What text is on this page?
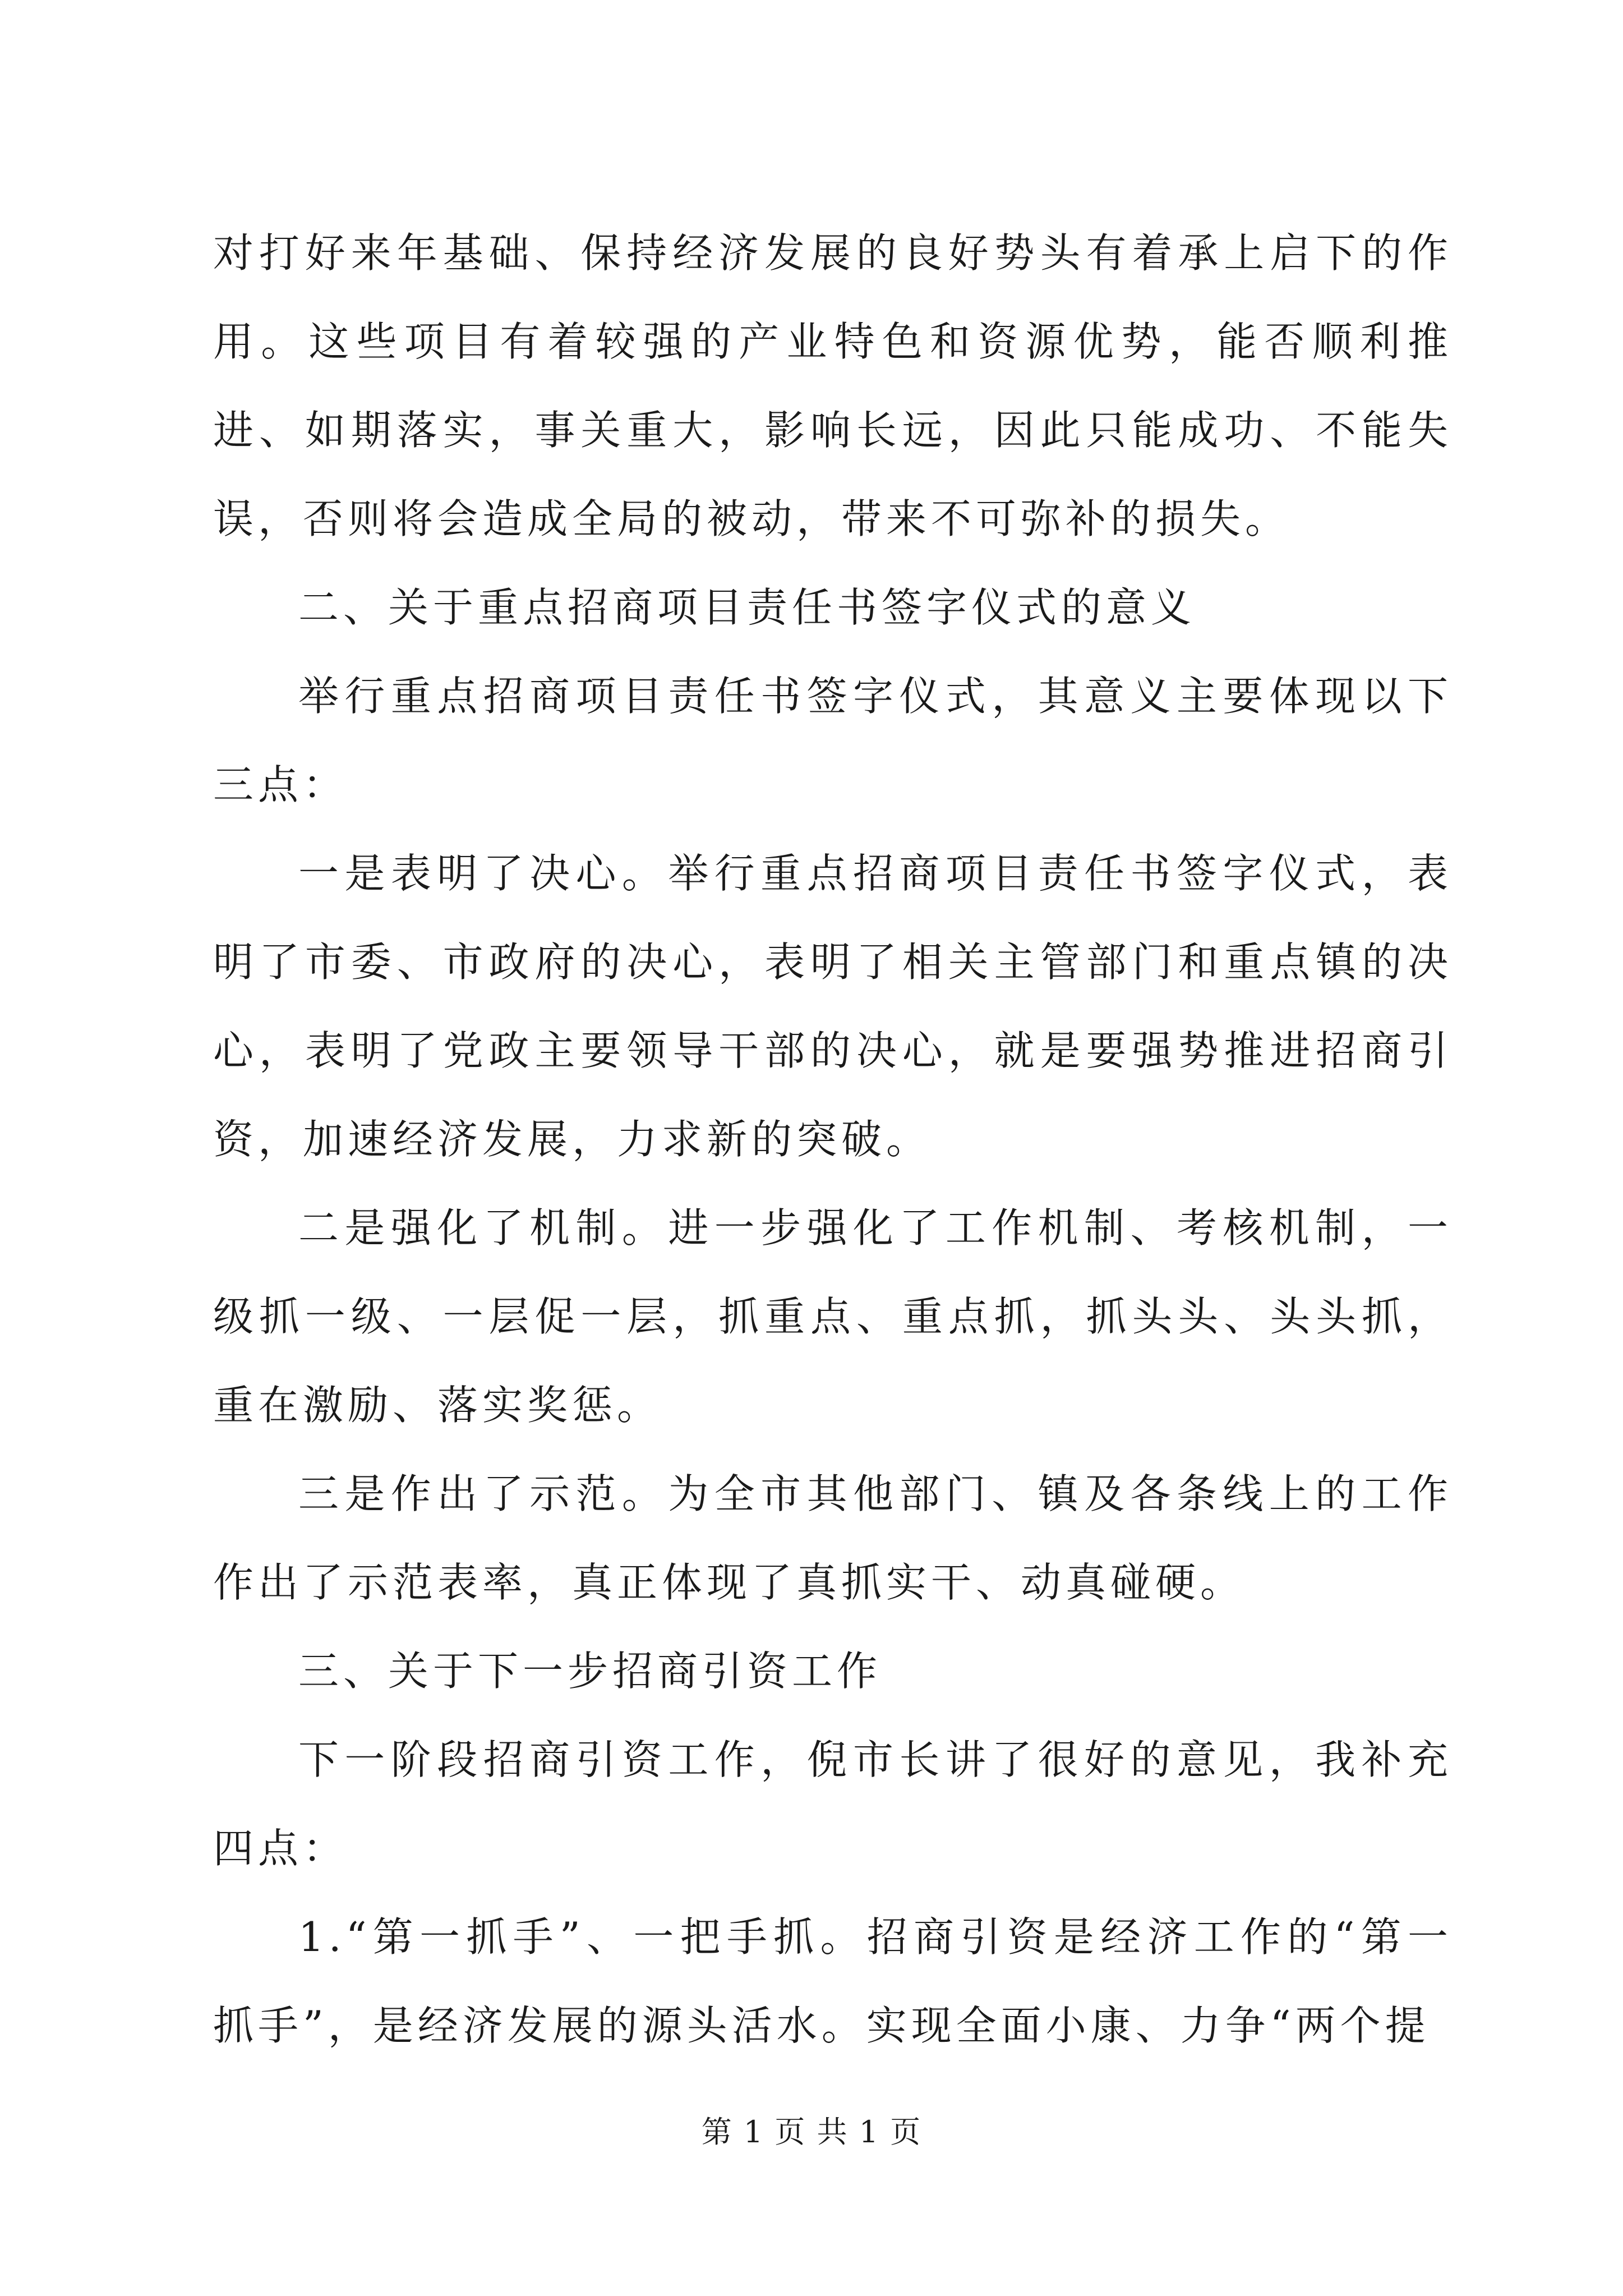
对打好来年基础、保持经济发展的良好势头有着承上启下的作用。这些项目有着较强的产业特色和资源优势，能否顺利推进、如期落实，事关重大，影响长远，因此只能成功、不能失误，否则将会造成全局的被动，带来不可弥补的损失。

二、关于重点招商项目责任书签字仪式的意义

举行重点招商项目责任书签字仪式，其意义主要体现以下三点：

一是表明了决心。举行重点招商项目责任书签字仪式，表明了市委、市政府的决心，表明了相关主管部门和重点镇的决心，表明了党政主要领导干部的决心，就是要强势推进招商引资，加速经济发展，力求新的突破。

二是强化了机制。进一步强化了工作机制、考核机制，一级抓一级、一层促一层，抓重点、重点抓，抓头头、头头抓，重在激励、落实奖惩。

三是作出了示范。为全市其他部门、镇及各条线上的工作作出了示范表率，真正体现了真抓实干、动真碰硬。

三、关于下一步招商引资工作

下一阶段招商引资工作，倪市长讲了很好的意见，我补充四点：

1.“第一抓手”、一把手抓。招商引资是经济工作的“第一抓手”，是经济发展的源头活水。实现全面小康、力争“两个提

第 1 页 共 1 页
